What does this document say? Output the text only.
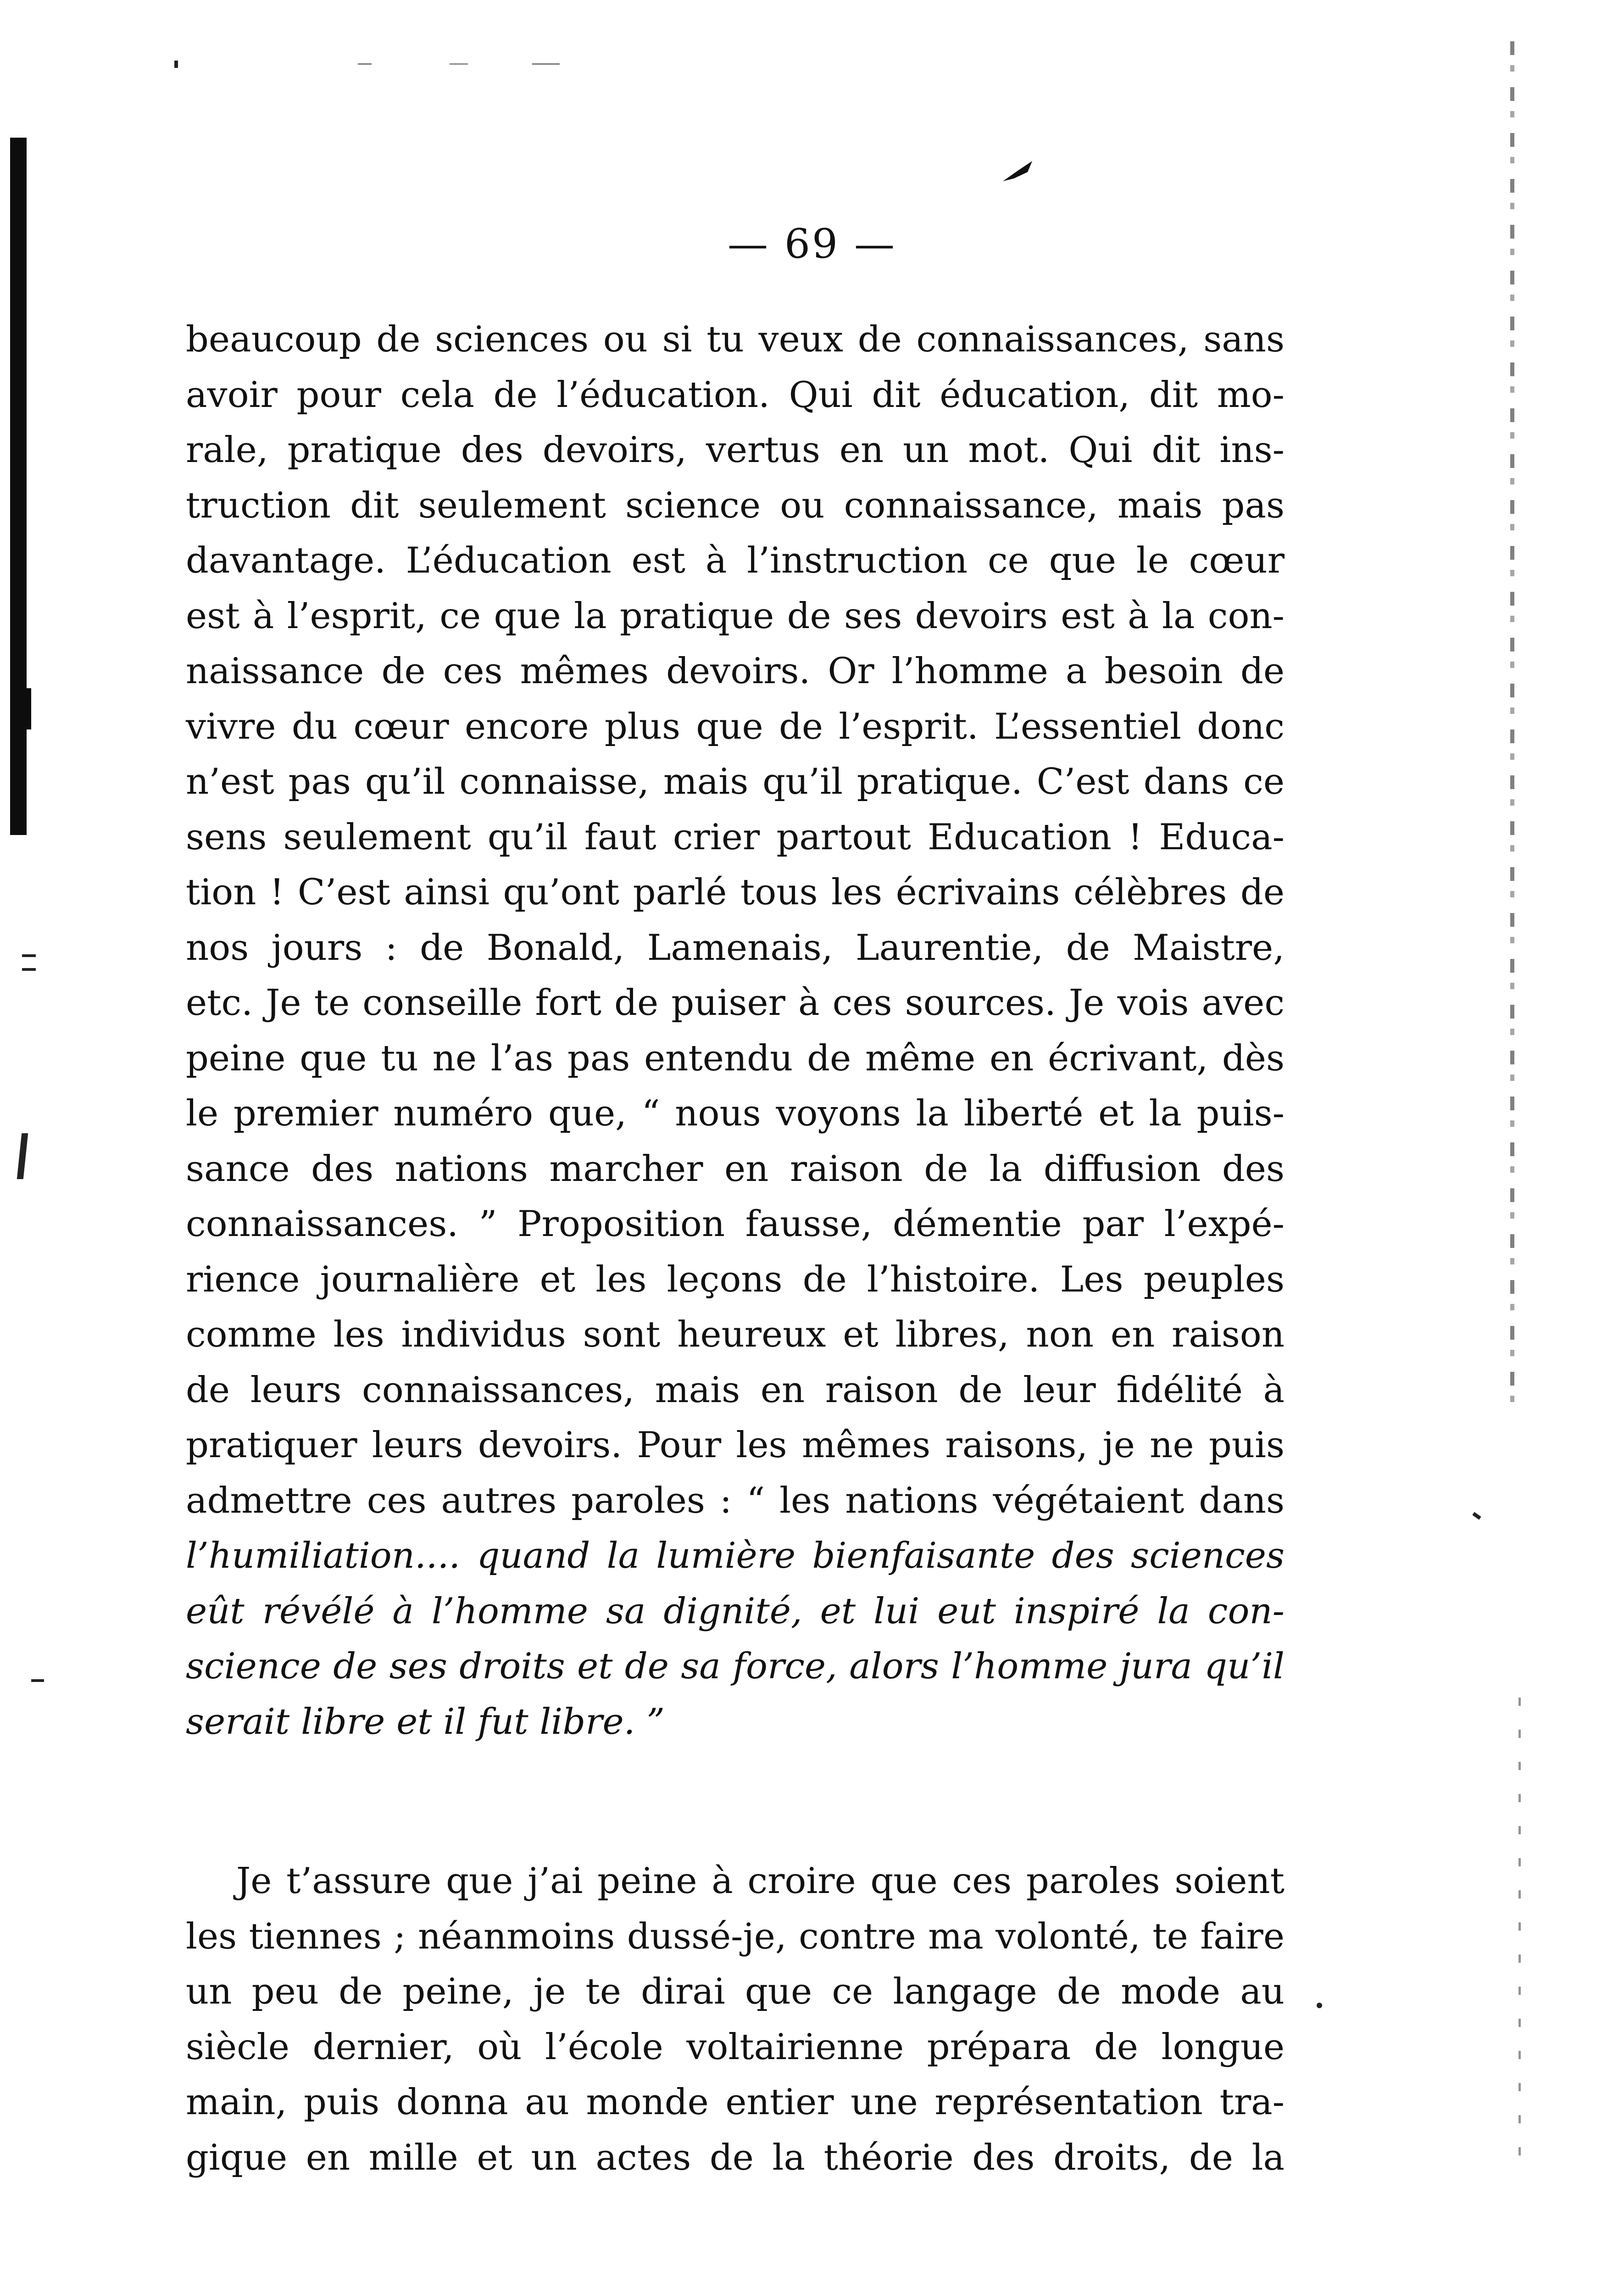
— 69 —
beaucoup de sciences ou si tu veux de connaissances, sans
avoir pour cela de l’éducation. Qui dit éducation, dit mo-
rale, pratique des devoirs, vertus en un mot. Qui dit ins-
truction dit seulement science ou connaissance, mais pas
davantage. L’éducation est à l’instruction ce que le cœur
est à l’esprit, ce que la pratique de ses devoirs est à la con-
naissance de ces mêmes devoirs. Or l’homme a besoin de
vivre du cœur encore plus que de l’esprit. L’essentiel donc
n’est pas qu’il connaisse, mais qu’il pratique. C’est dans ce
sens seulement qu’il faut crier partout Education ! Educa-
tion ! C’est ainsi qu’ont parlé tous les écrivains célèbres de
nos jours : de Bonald, Lamenais, Laurentie, de Maistre,
etc. Je te conseille fort de puiser à ces sources. Je vois avec
peine que tu ne l’as pas entendu de même en écrivant, dès
le premier numéro que, “ nous voyons la liberté et la puis-
sance des nations marcher en raison de la diffusion des
connaissances. ” Proposition fausse, démentie par l’expé-
rience journalière et les leçons de l’histoire. Les peuples
comme les individus sont heureux et libres, non en raison
de leurs connaissances, mais en raison de leur fidélité à
pratiquer leurs devoirs. Pour les mêmes raisons, je ne puis
admettre ces autres paroles : “ les nations végétaient dans
l’humiliation.... quand la lumière bienfaisante des sciences
eût révélé à l’homme sa dignité, et lui eut inspiré la con-
science de ses droits et de sa force, alors l’homme jura qu’il
serait libre et il fut libre. ”
Je t’assure que j’ai peine à croire que ces paroles soient
les tiennes ; néanmoins dussé-je, contre ma volonté, te faire
un peu de peine, je te dirai que ce langage de mode au
siècle dernier, où l’école voltairienne prépara de longue
main, puis donna au monde entier une représentation tra-
gique en mille et un actes de la théorie des droits, de la
